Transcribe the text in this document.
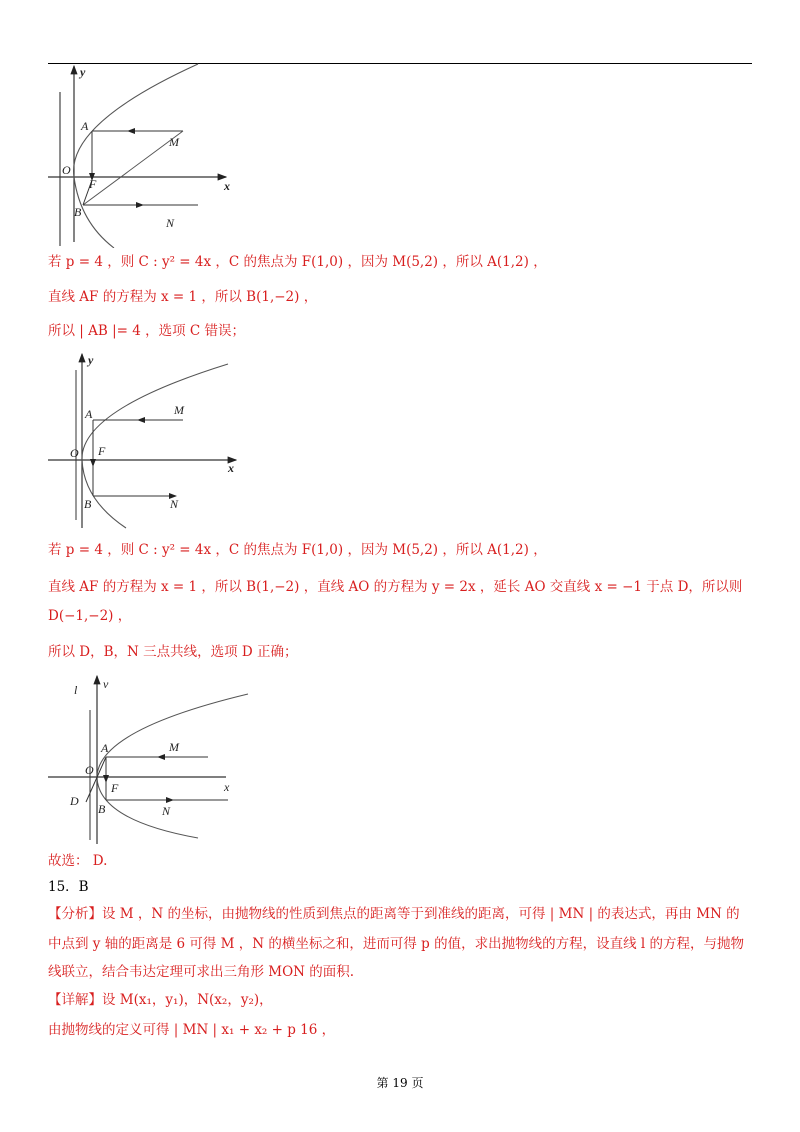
y
x
O
A
F
B
M
N
若 p = 4 ，则 C : y² = 4x ，C 的焦点为 F(1,0) ，因为 M(5,2) ，所以 A(1,2) ，
直线 AF 的方程为 x = 1 ，所以 B(1,−2) ，
所以 | AB |= 4 ，选项 C 错误；
y
x
O
A
F
B
M
N
若 p = 4 ，则 C : y² = 4x ，C 的焦点为 F(1,0) ，因为 M(5,2) ，所以 A(1,2) ，
直线 AF 的方程为 x = 1 ，所以 B(1,−2) ，直线 AO 的方程为 y = 2x ，延长 AO 交直线 x = −1 于点 D，所以则
D(−1,−2) ，
所以 D，B，N 三点共线，选项 D 正确；
v
x
l
O
A
F
D
B
M
N
故选： D.
15．B
【分析】设 M ，N 的坐标，由抛物线的性质到焦点的距离等于到准线的距离，可得 | MN | 的表达式，再由 MN 的
中点到 y 轴的距离是 6 可得 M ，N 的横坐标之和，进而可得 p 的值，求出抛物线的方程，设直线 l 的方程，与抛物
线联立，结合韦达定理可求出三角形 MON 的面积.
【详解】设 M(x₁，y₁)，N(x₂，y₂)，
由抛物线的定义可得 | MN | x₁ + x₂ + p 16 ，
第 19 页
